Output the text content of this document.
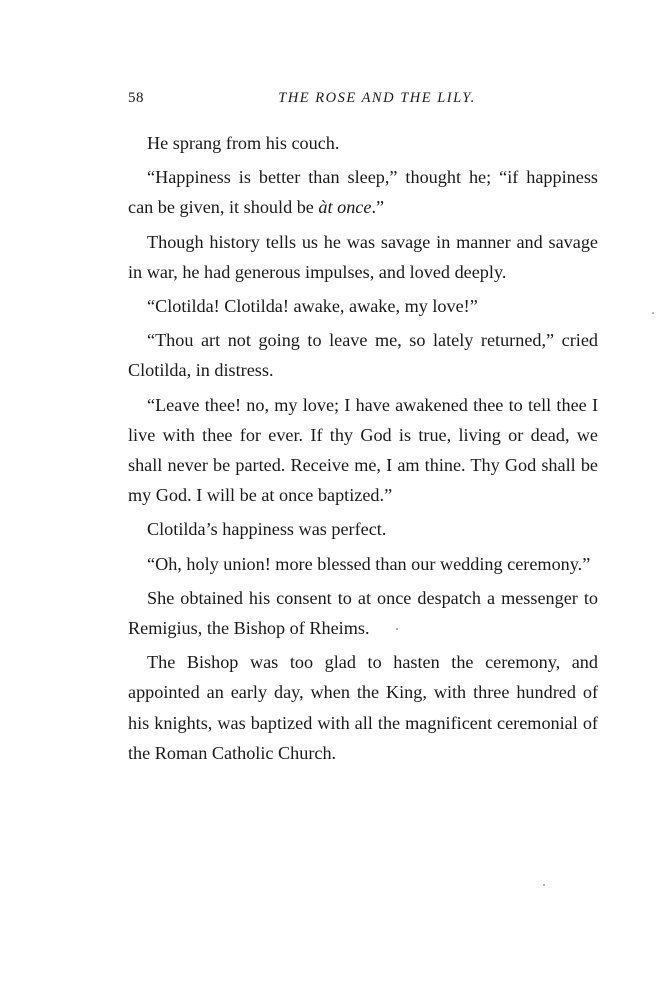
58	THE ROSE AND THE LILY.

He sprang from his couch.

“Happiness is better than sleep,” thought he; “if happiness can be given, it should be àt once.”

Though history tells us he was savage in manner and savage in war, he had generous impulses, and loved deeply.

“Clotilda! Clotilda! awake, awake, my love!”

“Thou art not going to leave me, so lately returned,” cried Clotilda, in distress.

“Leave thee! no, my love; I have awakened thee to tell thee I live with thee for ever. If thy God is true, living or dead, we shall never be parted. Receive me, I am thine. Thy God shall be my God. I will be at once baptized.”

Clotilda’s happiness was perfect.

“Oh, holy union! more blessed than our wedding ceremony.”

She obtained his consent to at once despatch a messenger to Remigius, the Bishop of Rheims.

The Bishop was too glad to hasten the ceremony, and appointed an early day, when the King, with three hundred of his knights, was baptized with all the magnificent ceremonial of the Roman Catholic Church.
